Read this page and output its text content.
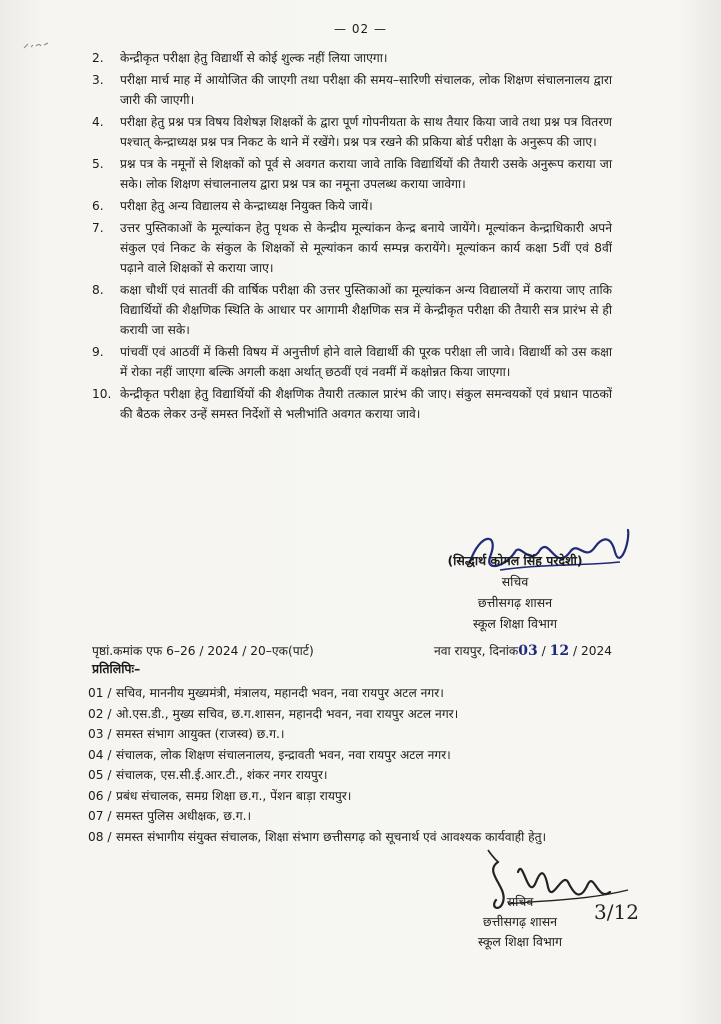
— 02 —
2.	केन्द्रीकृत परीक्षा हेतु विद्यार्थी से कोई शुल्क नहीं लिया जाएगा।
3.	परीक्षा मार्च माह में आयोजित की जाएगी तथा परीक्षा की समय–सारिणी संचालक, लोक शिक्षण संचालनालय द्वारा जारी की जाएगी।
4.	परीक्षा हेतु प्रश्न पत्र विषय विशेषज्ञ शिक्षकों के द्वारा पूर्ण गोपनीयता के साथ तैयार किया जावे तथा प्रश्न पत्र वितरण पश्चात् केन्द्राध्यक्ष प्रश्न पत्र निकट के थाने में रखेंगे। प्रश्न पत्र रखने की प्रकिया बोर्ड परीक्षा के अनुरूप की जाए।
5.	प्रश्न पत्र के नमूनों से शिक्षकों को पूर्व से अवगत कराया जावे ताकि विद्यार्थियों की तैयारी उसके अनुरूप कराया जा सके। लोक शिक्षण संचालनालय द्वारा प्रश्न पत्र का नमूना उपलब्ध कराया जावेगा।
6.	परीक्षा हेतु अन्य विद्यालय से केन्द्राध्यक्ष नियुक्त किये जायें।
7.	उत्तर पुस्तिकाओं के मूल्यांकन हेतु पृथक से केन्द्रीय मूल्यांकन केन्द्र बनाये जायेंगे। मूल्यांकन केन्द्राधिकारी अपने संकुल एवं निकट के संकुल के शिक्षकों से मूल्यांकन कार्य सम्पन्न करायेंगे। मूल्यांकन कार्य कक्षा 5वीं एवं 8वीं पढ़ाने वाले शिक्षकों से कराया जाए।
8.	कक्षा चौथीं एवं सातवीं की वार्षिक परीक्षा की उत्तर पुस्तिकाओं का मूल्यांकन अन्य विद्यालयों में कराया जाए ताकि विद्यार्थियों की शैक्षणिक स्थिति के आधार पर आगामी शैक्षणिक सत्र में केन्द्रीकृत परीक्षा की तैयारी सत्र प्रारंभ से ही करायी जा सके।
9.	पांचवीं एवं आठवीं में किसी विषय में अनुत्तीर्ण होने वाले विद्यार्थी की पूरक परीक्षा ली जावे। विद्यार्थी को उस कक्षा में रोका नहीं जाएगा बल्कि अगली कक्षा अर्थात् छठवीं एवं नवमीं में कक्षोन्नत किया जाएगा।
10. केन्द्रीकृत परीक्षा हेतु विद्यार्थियों की शैक्षणिक तैयारी तत्काल प्रारंभ की जाए। संकुल समन्वयकों एवं प्रधान पाठकों की बैठक लेकर उन्हें समस्त निर्देशों से भलीभांति अवगत कराया जावे।
(सिद्धार्थ कोमल सिंह परदेशी)
सचिव
छत्तीसगढ़ शासन
स्कूल शिक्षा विभाग
पृष्ठां.कमांक एफ 6–26 / 2024 / 20–एक(पार्ट)	नवा रायपुर, दिनांक03 / 12 / 2024
प्रतिलिपिः–
01 / सचिव, माननीय मुख्यमंत्री, मंत्रालय, महानदी भवन, नवा रायपुर अटल नगर।
02 / ओ.एस.डी., मुख्य सचिव, छ.ग.शासन, महानदी भवन, नवा रायपुर अटल नगर।
03 / समस्त संभाग आयुक्त (राजस्व) छ.ग.।
04 / संचालक, लोक शिक्षण संचालनालय, इन्द्रावती भवन, नवा रायपुर अटल नगर।
05 / संचालक, एस.सी.ई.आर.टी., शंकर नगर रायपुर।
06 / प्रबंध संचालक, समग्र शिक्षा छ.ग., पेंशन बाड़ा रायपुर।
07 / समस्त पुलिस अधीक्षक, छ.ग.।
08 / समस्त संभागीय संयुक्त संचालक, शिक्षा संभाग छत्तीसगढ़ को सूचनार्थ एवं आवश्यक कार्यवाही हेतु।
सचिव
छत्तीसगढ़ शासन
स्कूल शिक्षा विभाग
3/12
